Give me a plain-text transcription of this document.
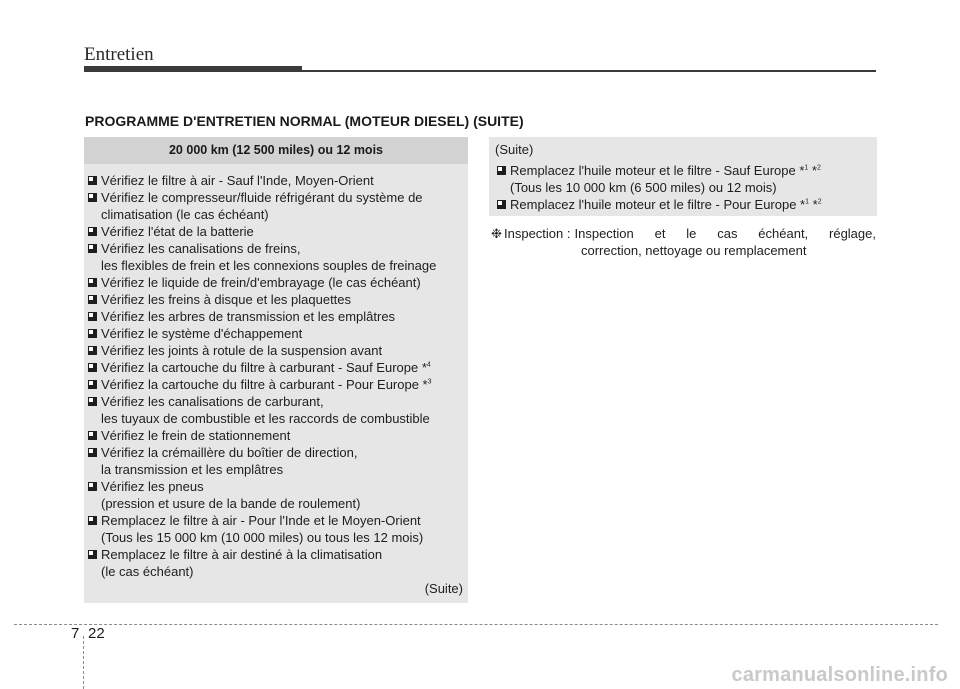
Entretien
PROGRAMME D'ENTRETIEN NORMAL (MOTEUR DIESEL) (SUITE)
20 000 km (12 500 miles) ou 12 mois
Vérifiez le filtre à air - Sauf l'Inde, Moyen-Orient
Vérifiez le compresseur/fluide réfrigérant du système de
climatisation (le cas échéant)
Vérifiez l'état de la batterie
Vérifiez les canalisations de freins,
les flexibles de frein et les connexions souples de freinage
Vérifiez le liquide de frein/d'embrayage (le cas échéant)
Vérifiez les freins à disque et les plaquettes
Vérifiez les arbres de transmission et les emplâtres
Vérifiez le système d'échappement
Vérifiez les joints à rotule de la suspension avant
Vérifiez la cartouche du filtre à carburant - Sauf Europe *$^4$
Vérifiez la cartouche du filtre à carburant - Pour Europe *$^3$
Vérifiez les canalisations de carburant,
les tuyaux de combustible et les raccords de combustible
Vérifiez le frein de stationnement
Vérifiez la crémaillère du boîtier de direction,
la transmission et les emplâtres
Vérifiez les pneus
(pression et usure de la bande de roulement)
Remplacez le filtre à air - Pour l'Inde et le Moyen-Orient
(Tous les 15 000 km (10 000 miles) ou tous les 12 mois)
Remplacez le filtre à air destiné à la climatisation
(le cas échéant)
(Suite)
(Suite)
Remplacez l'huile moteur et le filtre - Sauf Europe *$^1$ *$^2$
(Tous les 10 000 km (6 500 miles) ou 12 mois)
Remplacez l'huile moteur et le filtre - Pour Europe *$^1$ *$^2$
❉ Inspection : Inspection et le cas échéant, réglage,
correction, nettoyage ou remplacement
7 22
carmanualsonline.info
